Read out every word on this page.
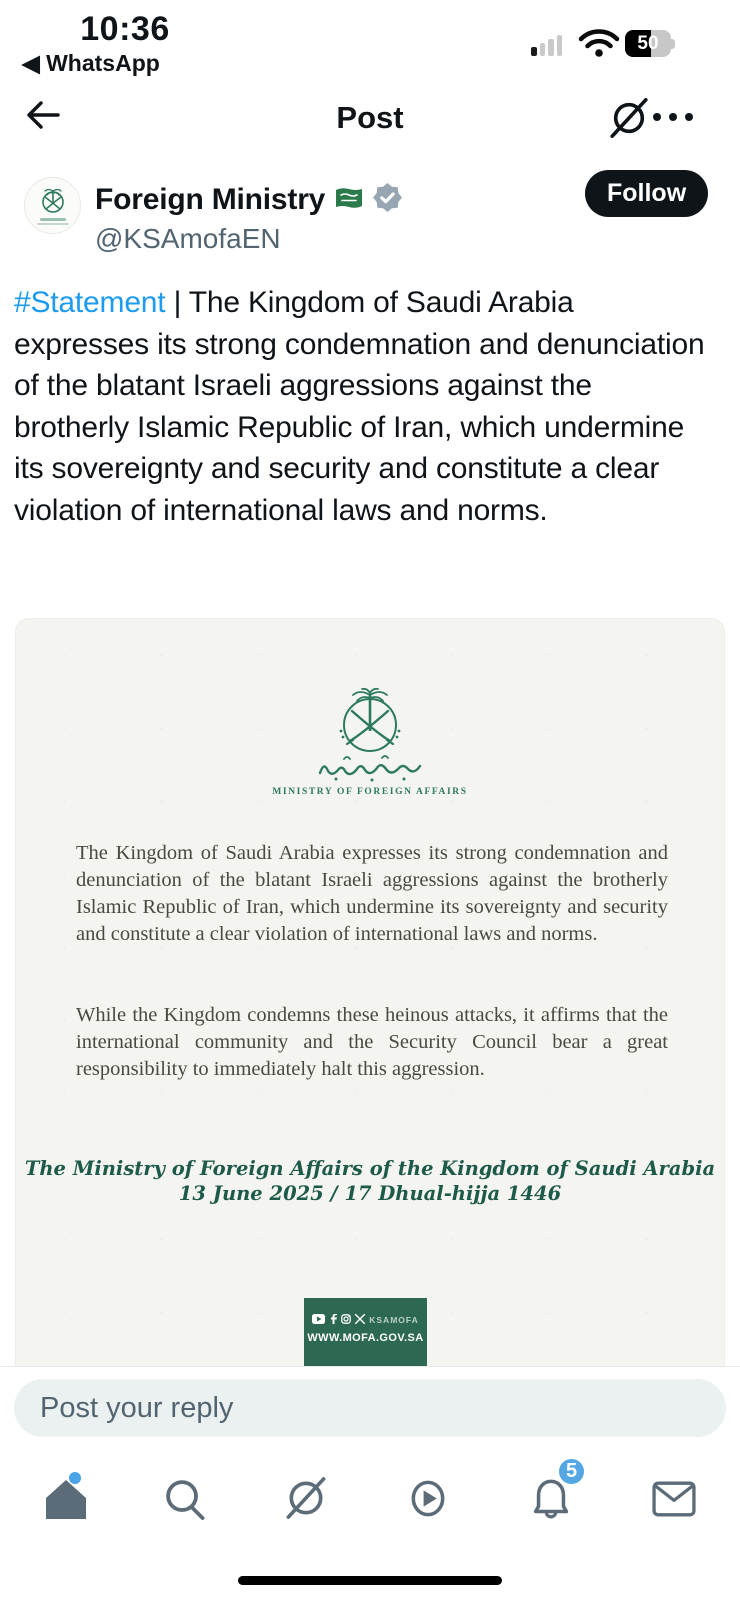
10:36
◀ WhatsApp
50
Post
Foreign Ministry
@KSAmofaEN
Follow
#Statement | The Kingdom of Saudi Arabia expresses its strong condemnation and denunciation of the blatant Israeli aggressions against the brotherly Islamic Republic of Iran, which undermine its sovereignty and security and constitute a clear violation of international laws and norms.
MINISTRY OF FOREIGN AFFAIRS
The Kingdom of Saudi Arabia expresses its strong condemnation and denunciation of the blatant Israeli aggressions against the brotherly Islamic Republic of Iran, which undermine its sovereignty and security and constitute a clear violation of international laws and norms.
While the Kingdom condemns these heinous attacks, it affirms that the international community and the Security Council bear a great responsibility to immediately halt this aggression.
The Ministry of Foreign Affairs of the Kingdom of Saudi Arabia
13 June 2025 / 17 Dhual-hijja 1446
KSAMOFA
WWW.MOFA.GOV.SA
Post your reply
5
